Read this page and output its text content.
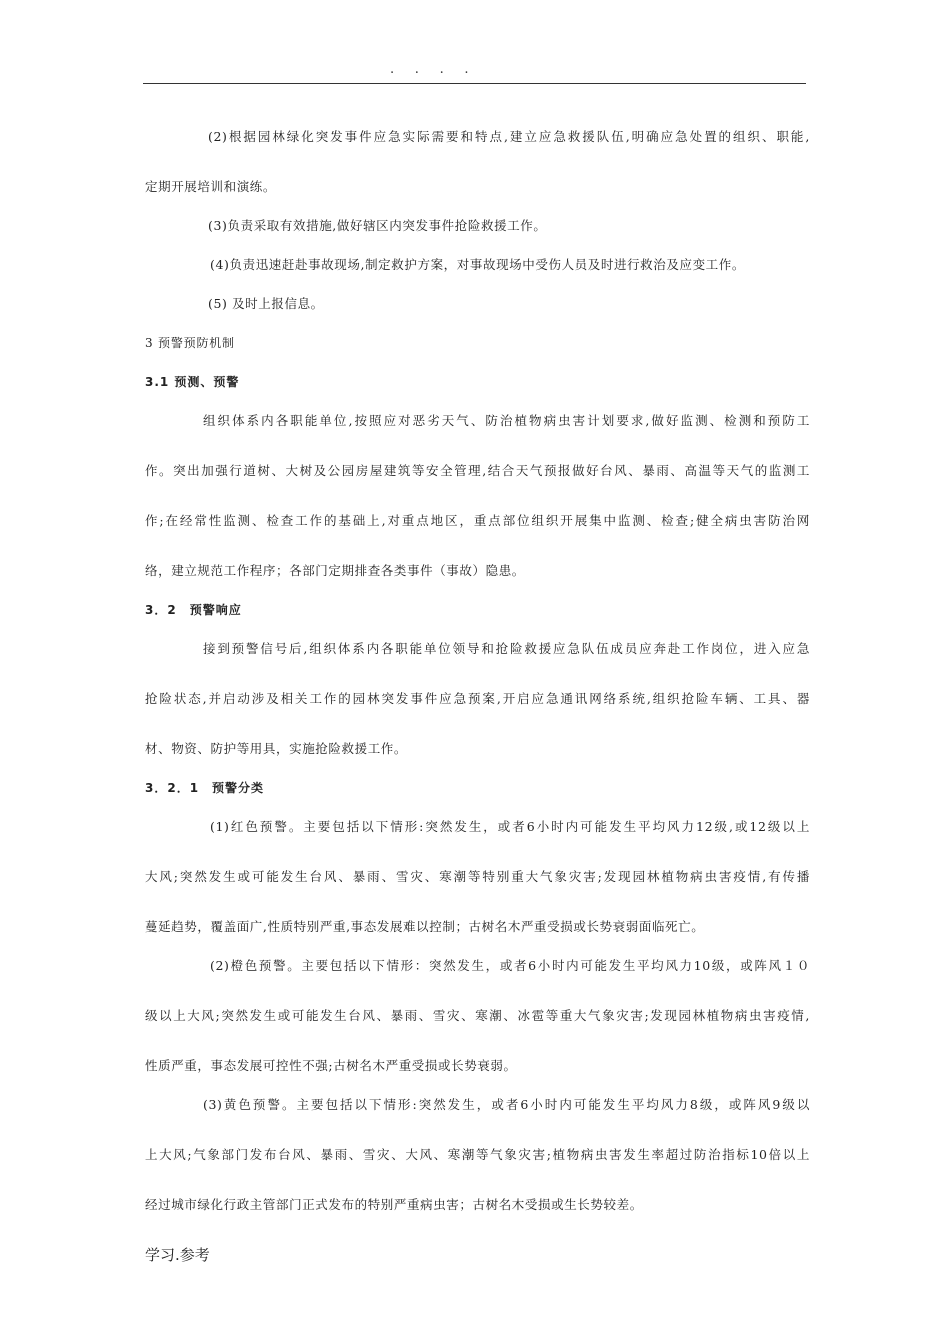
.     .     .     .
(2)根据园林绿化突发事件应急实际需要和特点,建立应急救援队伍,明确应急处置的组织、职能,
定期开展培训和演练。
(3)负责采取有效措施,做好辖区内突发事件抢险救援工作。
(4)负责迅速赶赴事故现场,制定救护方案，对事故现场中受伤人员及时进行救治及应变工作。
(5) 及时上报信息。
3 预警预防机制
3.1 预测、预警
组织体系内各职能单位,按照应对恶劣天气、防治植物病虫害计划要求,做好监测、检测和预防工
作。突出加强行道树、大树及公园房屋建筑等安全管理,结合天气预报做好台风、暴雨、高温等天气的监测工
作;在经常性监测、检查工作的基础上,对重点地区，重点部位组织开展集中监测、检查;健全病虫害防治网
络，建立规范工作程序；各部门定期排查各类事件（事故）隐患。
3．2　预警响应
接到预警信号后,组织体系内各职能单位领导和抢险救援应急队伍成员应奔赴工作岗位，进入应急
抢险状态,并启动涉及相关工作的园林突发事件应急预案,开启应急通讯网络系统,组织抢险车辆、工具、器
材、物资、防护等用具，实施抢险救援工作。
3．2．1　预警分类
(1)红色预警。主要包括以下情形:突然发生，或者6小时内可能发生平均风力12级,或12级以上
大风;突然发生或可能发生台风、暴雨、雪灾、寒潮等特别重大气象灾害;发现园林植物病虫害疫情,有传播
蔓延趋势，覆盖面广,性质特别严重,事态发展难以控制；古树名木严重受损或长势衰弱面临死亡。
(2)橙色预警。主要包括以下情形：突然发生，或者6小时内可能发生平均风力10级，或阵风１０
级以上大风;突然发生或可能发生台风、暴雨、雪灾、寒潮、冰雹等重大气象灾害;发现园林植物病虫害疫情,
性质严重，事态发展可控性不强;古树名木严重受损或长势衰弱。
(3)黄色预警。主要包括以下情形:突然发生，或者6小时内可能发生平均风力8级，或阵风9级以
上大风;气象部门发布台风、暴雨、雪灾、大风、寒潮等气象灾害;植物病虫害发生率超过防治指标10倍以上
经过城市绿化行政主管部门正式发布的特别严重病虫害；古树名木受损或生长势较差。
学习.参考
